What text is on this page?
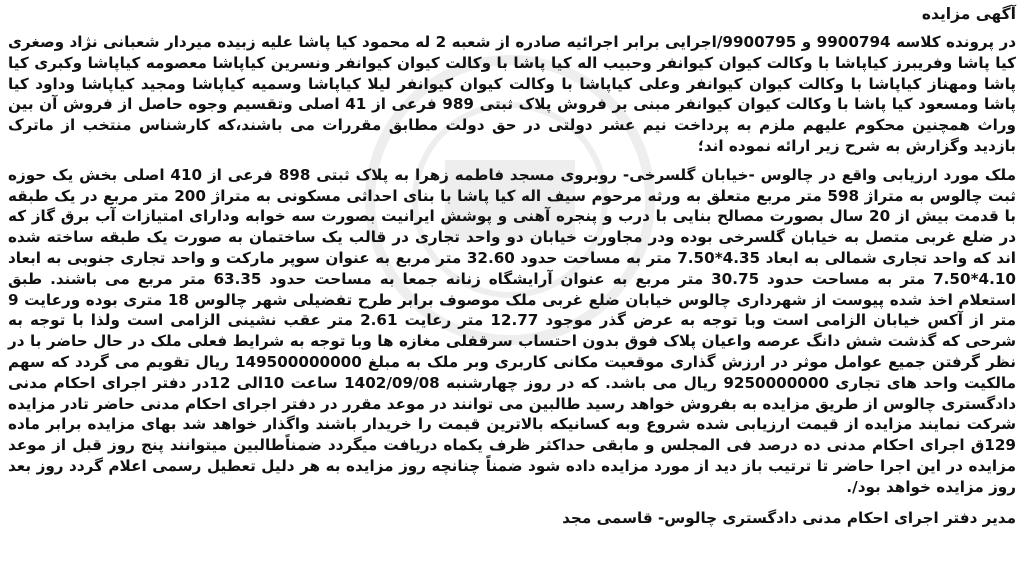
آگهی مزایده
در پرونده کلاسه 9900794 و 9900795/اجرایی برابر اجرائیه صادره از شعبه 2 له محمود کیا پاشا علیه زبیده میردار شعبانی نژاد وصغری کیا پاشا وفریبرز کیاپاشا با وکالت کیوان کیوانفر وحبیب اله کیا پاشا با وکالت کیوان کیوانفر ونسرین کیاپاشا معصومه کیاپاشا وکبری کیا پاشا ومهناز کیاپاشا با وکالت کیوان کیوانفر وعلی کیاپاشا با وکالت کیوان کیوانفر لیلا کیاپاشا وسمیه کیاپاشا ومجید کیاپاشا وداود کیا پاشا ومسعود کیا پاشا با وکالت کیوان کیوانفر مبنی بر فروش پلاک ثبتی 989 فرعی از 41 اصلی وتقسیم وجوه حاصل از فروش آن بین وراث همچنین محکوم علیهم ملزم به پرداخت نیم عشر دولتی در حق دولت مطابق مقررات می باشند،که کارشناس منتخب از ماترک بازدید وگزارش به شرح زیر ارائه نموده اند؛
ملک مورد ارزیابی واقع در چالوس -خیابان گلسرخی- روبروی مسجد فاطمه زهرا به پلاک ثبتی 898 فرعی از 410 اصلی بخش یک حوزه ثبت چالوس به متراژ 598 متر مربع متعلق به ورثه مرحوم سیف اله کیا پاشا با بنای احداثی مسکونی به متراژ 200 متر مربع در یک طبقه با قدمت بیش از 20 سال بصورت مصالح بنایی با درب و پنجره آهنی و پوشش ایرانیت بصورت سه خوابه ودارای امتیازات آب برق گاز که در ضلع غربی متصل به خیابان گلسرخی بوده ودر مجاورت خیابان دو واحد تجاری در قالب یک ساختمان به صورت یک طبقه ساخته شده اند که واحد تجاری شمالی به ابعاد 4.35*7.50 متر به مساحت حدود 32.60 متر مربع به عنوان سوپر مارکت و واحد تجاری جنوبی به ابعاد 4.10*7.50 متر به مساحت حدود 30.75 متر مربع به عنوان آرایشگاه زنانه جمعا به مساحت حدود 63.35 متر مربع می باشند. طبق استعلام اخذ شده پیوست از شهرداری چالوس خیابان ضلع غربی ملک موصوف برابر طرح تفضیلی شهر چالوس 18 متری بوده ورعایت 9 متر از آکس خیابان الزامی است وبا توجه به عرض گذر موجود 12.77 متر رعایت 2.61 متر عقب نشینی الزامی است ولذا با توجه به شرحی که گذشت شش دانگ عرصه واعیان پلاک فوق بدون احتساب سرقفلی مغازه ها وبا توجه به شرایط فعلی ملک در حال حاضر با در نظر گرفتن جمیع عوامل موثر در ارزش گذاری موقعیت مکانی کاربری وبر ملک به مبلغ 149500000000 ریال تقویم می گردد که سهم مالکیت واحد های تجاری 9250000000 ریال می باشد. که در روز چهارشنبه 1402/09/08 ساعت 10الی 12در دفتر اجرای احکام مدنی دادگستری چالوس از طریق مزایده به بفروش خواهد رسید طالبین می توانند در موعد مقرر در دفتر اجرای احکام مدنی حاضر تادر مزایده شرکت نمایند مزایده از قیمت ارزیابی شده شروع وبه کسانیکه بالاترین قیمت را خریدار باشند واگذار خواهد شد بهای مزایده برابر ماده 129ق اجرای احکام مدنی ده درصد فی المجلس و مابقی حداکثر ظرف یکماه دریافت میگردد ضمناًطالبین میتوانند پنج روز قبل از موعد مزایده در این اجرا حاضر تا ترتیب باز دید از مورد مزایده داده شود ضمناً چنانچه روز مزایده به هر دلیل تعطیل رسمی اعلام گردد روز بعد روز مزایده خواهد بود/.
مدیر دفتر اجرای احکام مدنی دادگستری چالوس- قاسمی مجد
